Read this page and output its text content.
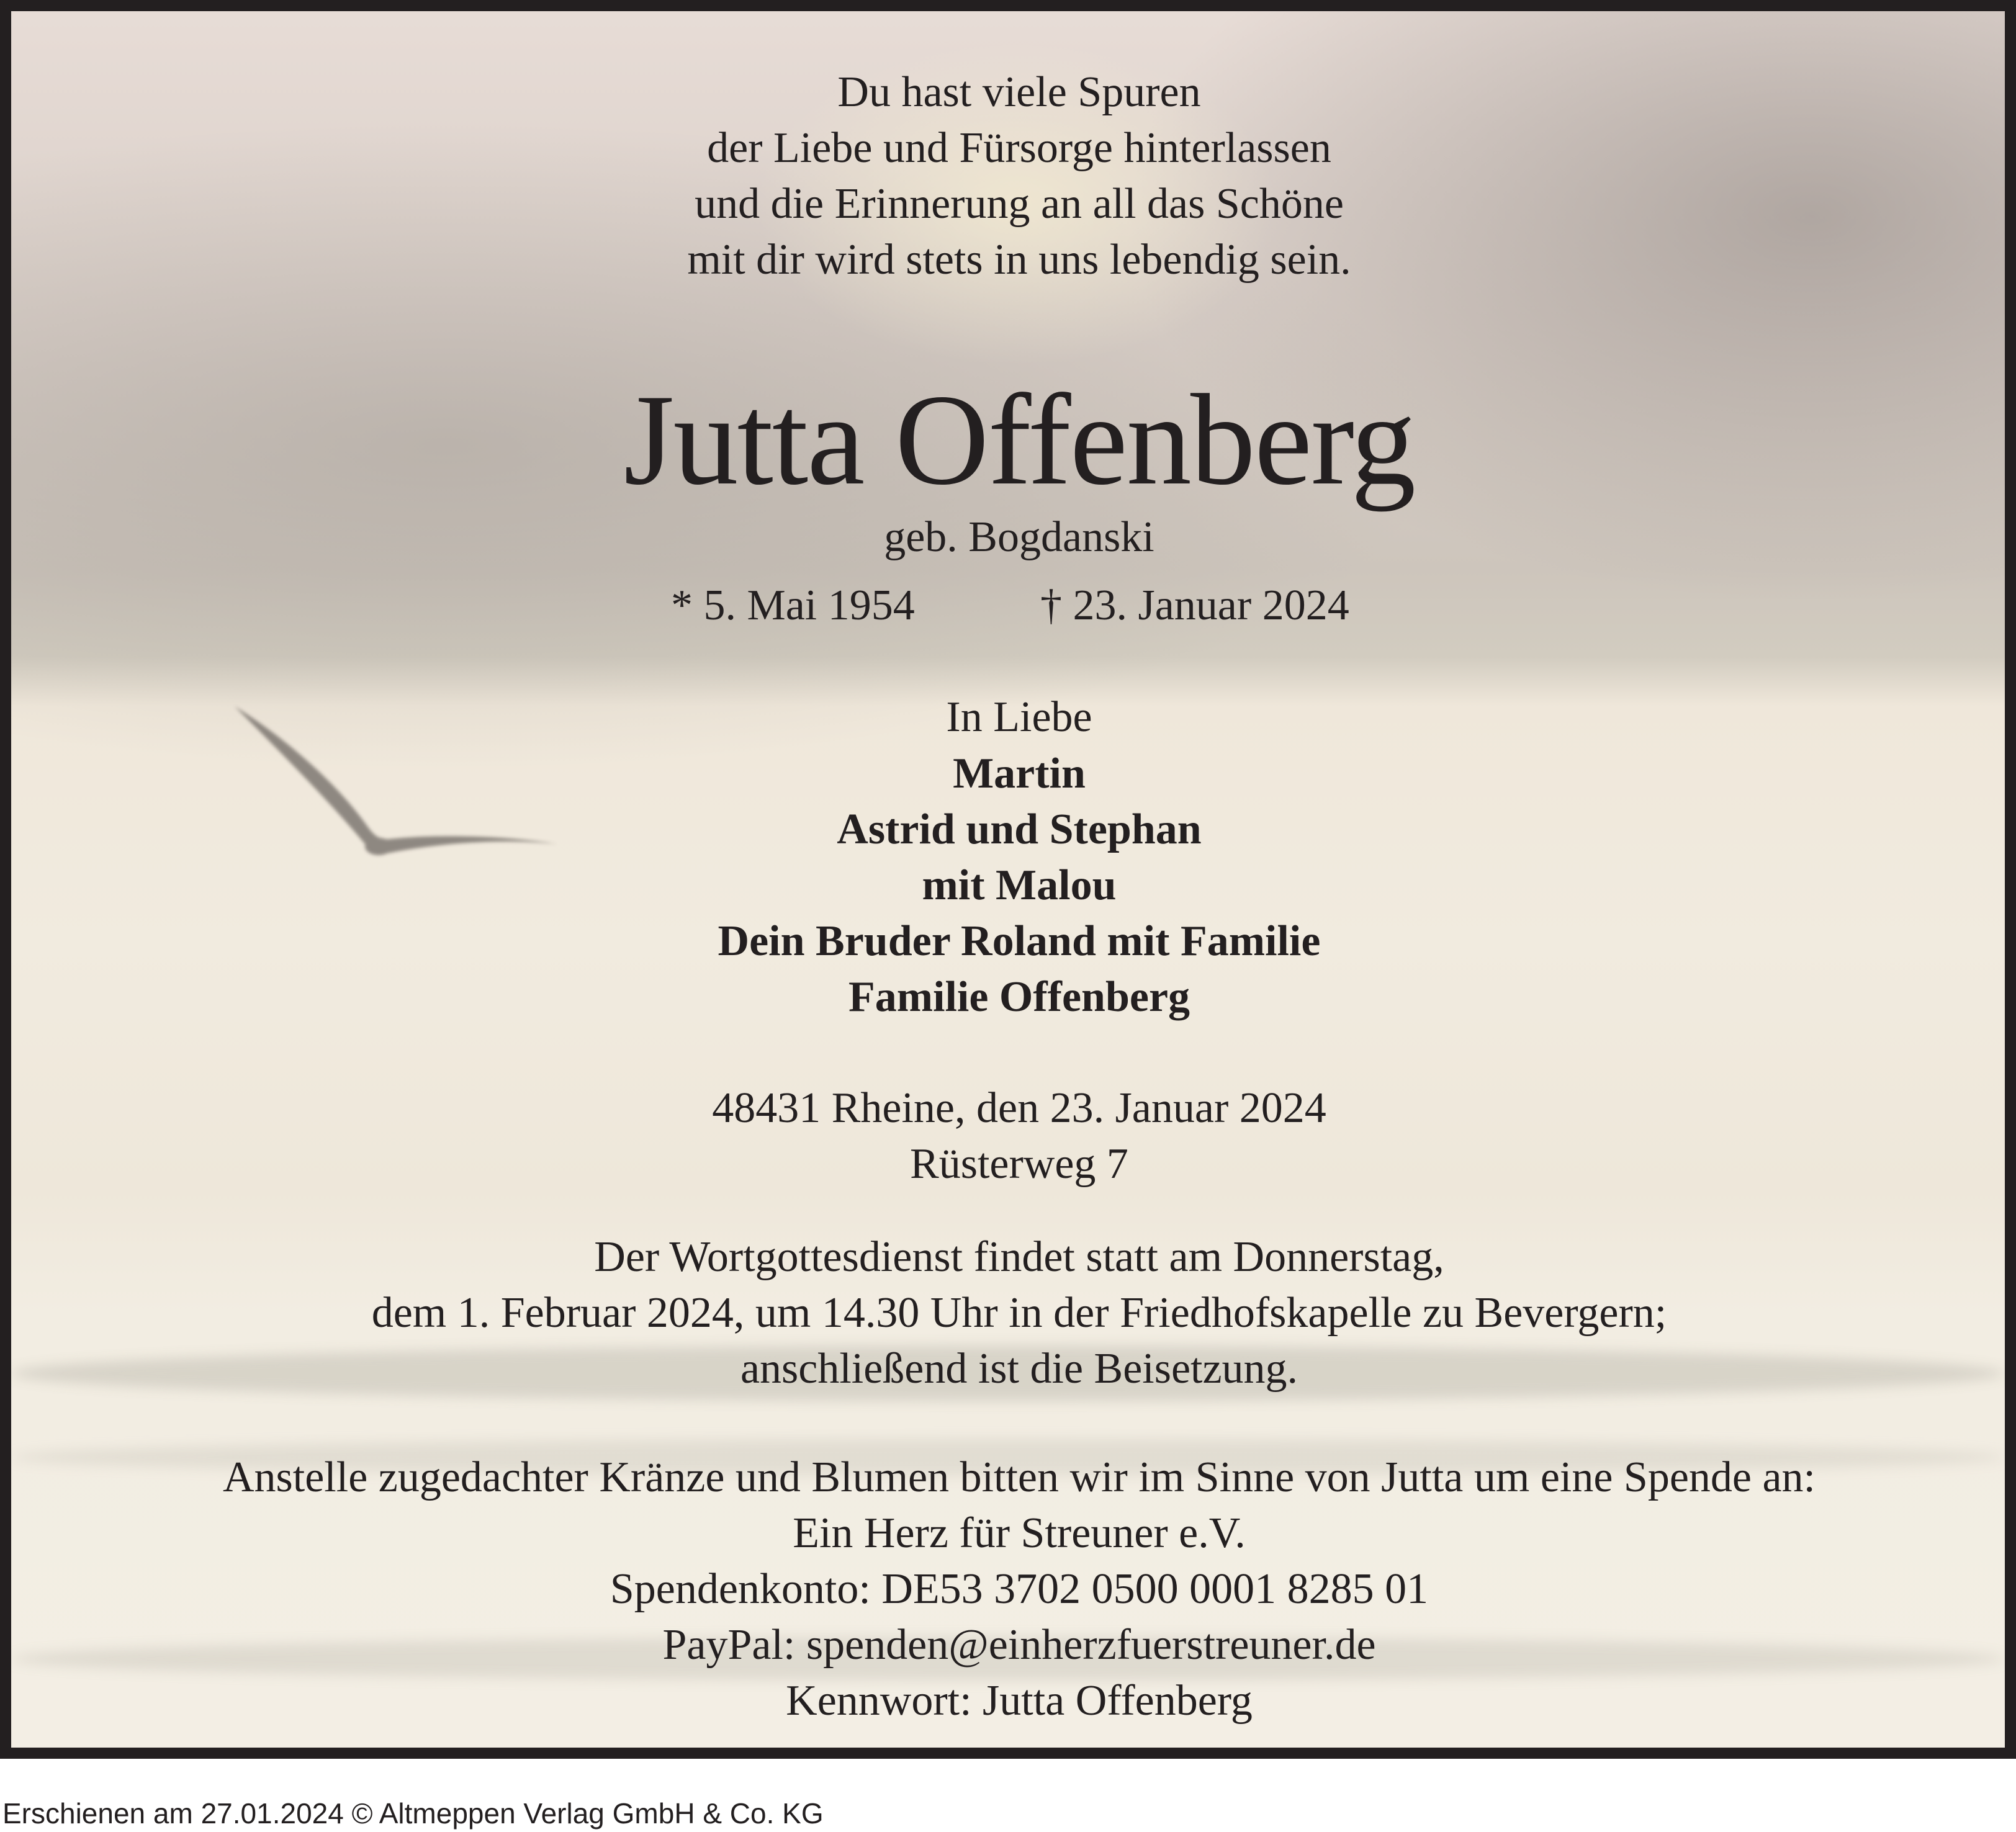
Du hast viele Spuren
der Liebe und Fürsorge hinterlassen
und die Erinnerung an all das Schöne
mit dir wird stets in uns lebendig sein.
Jutta Offenberg
geb. Bogdanski
* 5. Mai 1954	† 23. Januar 2024
In Liebe
Martin
Astrid und Stephan
mit Malou
Dein Bruder Roland mit Familie
Familie Offenberg
48431 Rheine, den 23. Januar 2024
Rüsterweg 7
Der Wortgottesdienst findet statt am Donnerstag,
dem 1. Februar 2024, um 14.30 Uhr in der Friedhofskapelle zu Bevergern;
anschließend ist die Beisetzung.
Anstelle zugedachter Kränze und Blumen bitten wir im Sinne von Jutta um eine Spende an:
Ein Herz für Streuner e.V.
Spendenkonto: DE53 3702 0500 0001 8285 01
PayPal: spenden@einherzfuerstreuner.de
Kennwort: Jutta Offenberg
Erschienen am 27.01.2024 © Altmeppen Verlag GmbH & Co. KG
